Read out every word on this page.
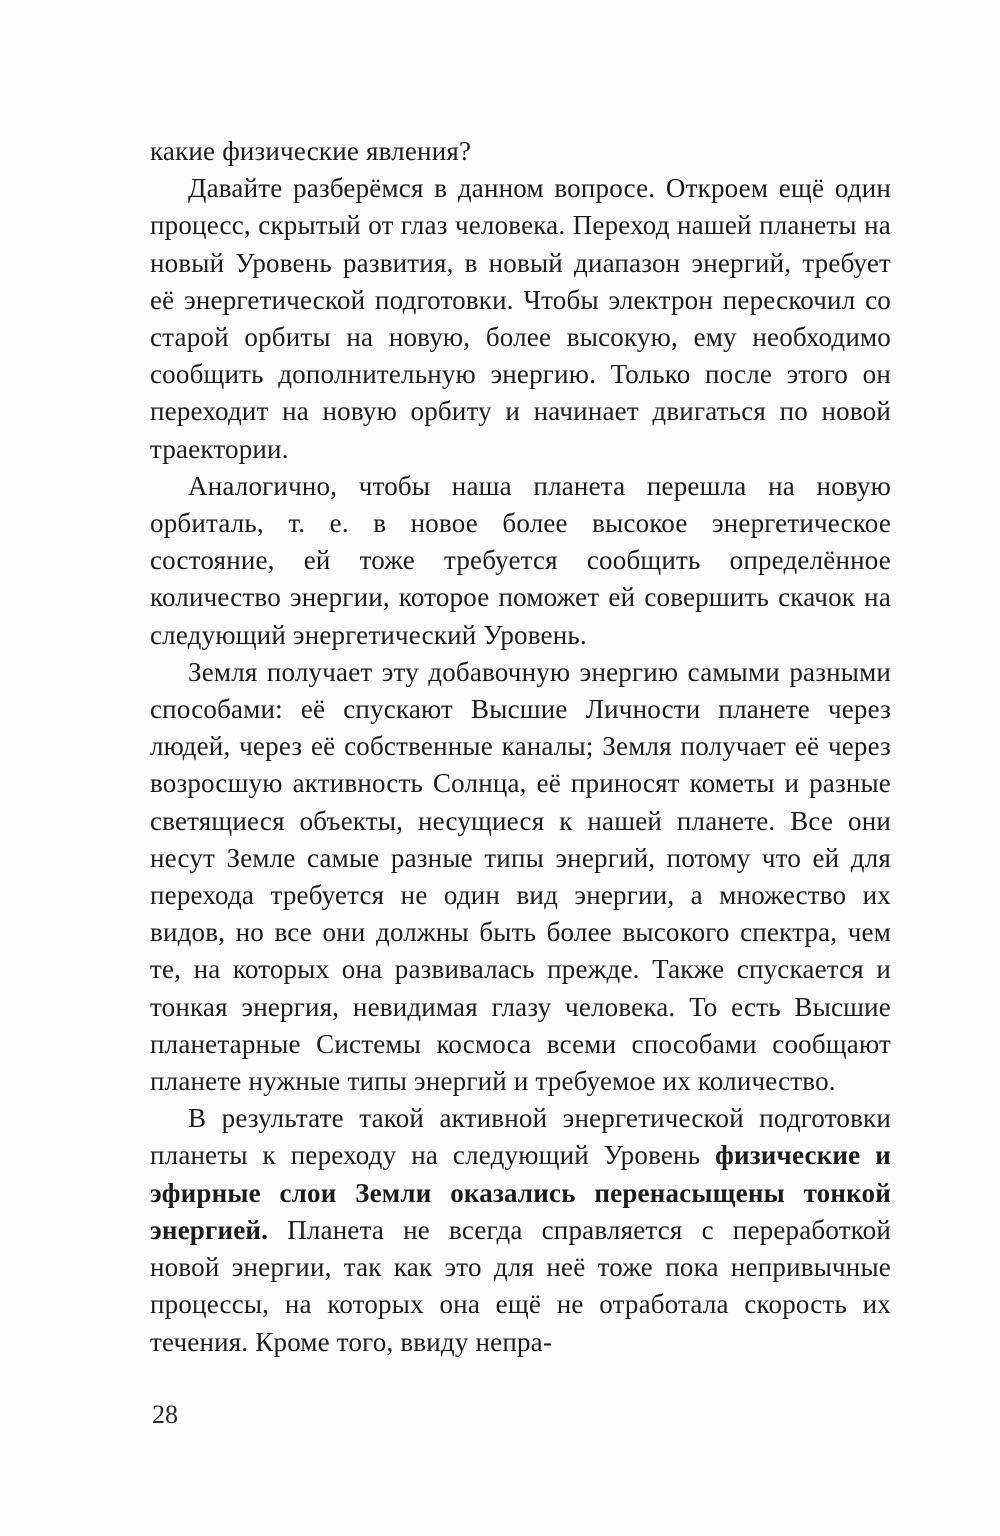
какие физические явления?

Давайте разберёмся в данном вопросе. Откроем ещё один процесс, скрытый от глаз человека. Переход нашей планеты на новый Уровень развития, в новый диапазон энергий, требует её энергетической подготовки. Чтобы электрон перескочил со старой орбиты на новую, более высокую, ему необходимо сообщить дополнительную энергию. Только после этого он переходит на новую орбиту и начинает двигаться по новой траектории.

Аналогично, чтобы наша планета перешла на новую орбиталь, т. е. в новое более высокое энергетическое состояние, ей тоже требуется сообщить определённое количество энергии, которое поможет ей совершить скачок на следующий энергетический Уровень.

Земля получает эту добавочную энергию самыми разными способами: её спускают Высшие Личности планете через людей, через её собственные каналы; Земля получает её через возросшую активность Солнца, её приносят кометы и разные светящиеся объекты, несущиеся к нашей планете. Все они несут Земле самые разные типы энергий, потому что ей для перехода требуется не один вид энергии, а множество их видов, но все они должны быть более высокого спектра, чем те, на которых она развивалась прежде. Также спускается и тонкая энергия, невидимая глазу человека. То есть Высшие планетарные Системы космоса всеми способами сообщают планете нужные типы энергий и требуемое их количество.

В результате такой активной энергетической подготовки планеты к переходу на следующий Уровень физические и эфирные слои Земли оказались перенасыщены тонкой энергией. Планета не всегда справляется с переработкой новой энергии, так как это для неё тоже пока непривычные процессы, на которых она ещё не отработала скорость их течения. Кроме того, ввиду непра-

28
